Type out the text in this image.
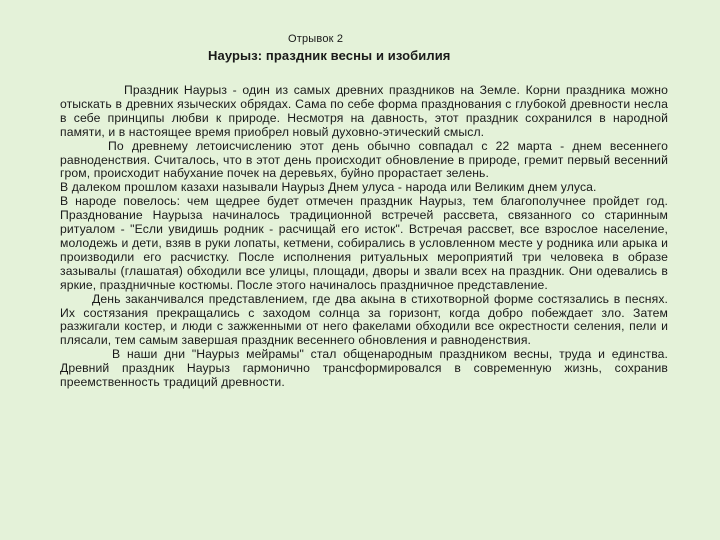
Отрывок 2
Наурыз: праздник весны и изобилия

Праздник Наурыз - один из самых древних праздников на Земле. Корни праздника можно отыскать в древних языческих обрядах. Сама по себе форма празднования с глубокой древности несла в себе принципы любви к природе. Несмотря на давность, этот праздник сохранился в народной памяти, и в настоящее время приобрел новый духовно-этический смысл.

По древнему летоисчислению этот день обычно совпадал с 22 марта - днем весеннего равноденствия. Считалось, что в этот день происходит обновление в природе, гремит первый весенний гром, происходит набухание почек на деревьях, буйно прорастает зелень.

В далеком прошлом казахи называли Наурыз Днем улуса - народа или Великим днем улуса.

В народе повелось: чем щедрее будет отмечен праздник Наурыз, тем благополучнее пройдет год. Празднование Наурыза начиналось традиционной встречей рассвета, связанного со старинным ритуалом - "Если увидишь родник - расчищай его исток". Встречая рассвет, все взрослое население, молодежь и дети, взяв в руки лопаты, кетмени, собирались в условленном месте у родника или арыка и производили его расчистку. После исполнения ритуальных мероприятий три человека в образе зазывалы (глашатая) обходили все улицы, площади, дворы и звали всех на праздник. Они одевались в яркие, праздничные костюмы. После этого начиналось праздничное представление.

День заканчивался представлением, где два акына в стихотворной форме состязались в песнях. Их состязания прекращались с заходом солнца за горизонт, когда добро побеждает зло. Затем разжигали костер, и люди с зажженными от него факелами обходили все окрестности селения, пели и плясали, тем самым завершая праздник весеннего обновления и равноденствия.

В наши дни "Наурыз мейрамы" стал общенародным праздником весны, труда и единства. Древний праздник Наурыз гармонично трансформировался в современную жизнь, сохранив преемственность традиций древности.
